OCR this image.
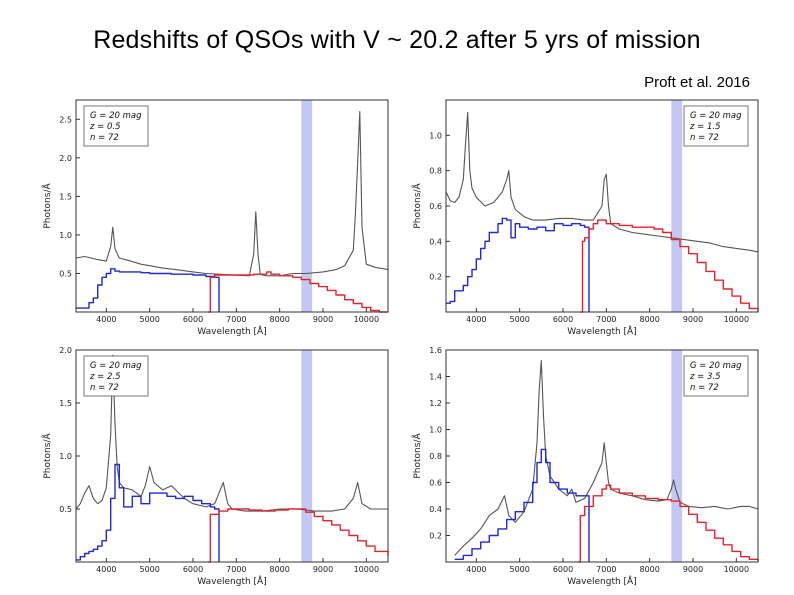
Redshifts of QSOs with V ~ 20.2 after 5 yrs of mission
Proft et al. 2016
4000	5000	6000	7000	8000	9000	10000
0.5
1.0
1.5
2.0
2.5
Wavelength [Å]
Photons/Å
G = 20 mag
z = 0.5
n = 72
4000	5000	6000	7000	8000	9000	10000
0.2
0.4
0.6
0.8
1.0
Wavelength [Å]
Photons/Å
G = 20 mag
z = 1.5
n = 72
4000	5000	6000	7000	8000	9000	10000
0.5
1.0
1.5
2.0
Wavelength [Å]
Photons/Å
G = 20 mag
z = 2.5
n = 72
4000	5000	6000	7000	8000	9000	10000
0.2
0.4
0.6
0.8
1.0
1.2
1.4
1.6
Wavelength [Å]
Photons/Å
G = 20 mag
z = 3.5
n = 72
